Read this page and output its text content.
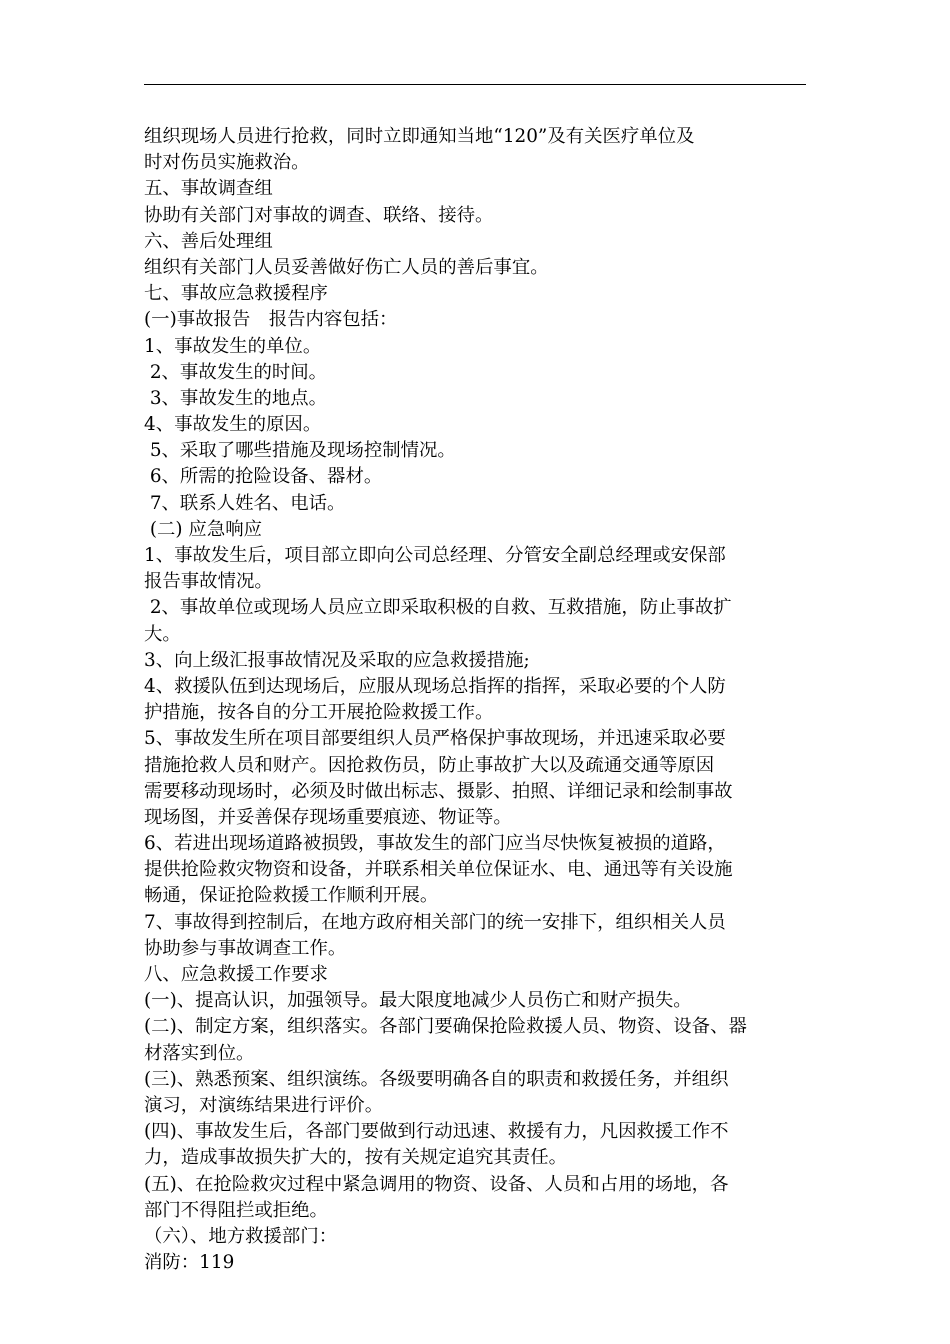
组织现场人员进行抢救，同时立即通知当地“120”及有关医疗单位及
时对伤员实施救治。
五、事故调查组
协助有关部门对事故的调查、联络、接待。
六、善后处理组
组织有关部门人员妥善做好伤亡人员的善后事宜。
七、事故应急救援程序
(一)事故报告　报告内容包括：
1、事故发生的单位。
2、事故发生的时间。
3、事故发生的地点。
4、事故发生的原因。
5、采取了哪些措施及现场控制情况。
6、所需的抢险设备、器材。
7、联系人姓名、电话。
(二) 应急响应
1、事故发生后，项目部立即向公司总经理、分管安全副总经理或安保部
报告事故情况。
2、事故单位或现场人员应立即采取积极的自救、互救措施，防止事故扩
大。
3、向上级汇报事故情况及采取的应急救援措施;
4、救援队伍到达现场后，应服从现场总指挥的指挥，采取必要的个人防
护措施，按各自的分工开展抢险救援工作。
5、事故发生所在项目部要组织人员严格保护事故现场，并迅速采取必要
措施抢救人员和财产。因抢救伤员，防止事故扩大以及疏通交通等原因
需要移动现场时，必须及时做出标志、摄影、拍照、详细记录和绘制事故
现场图，并妥善保存现场重要痕迹、物证等。
6、若进出现场道路被损毁，事故发生的部门应当尽快恢复被损的道路，
提供抢险救灾物资和设备，并联系相关单位保证水、电、通迅等有关设施
畅通，保证抢险救援工作顺利开展。
7、事故得到控制后，在地方政府相关部门的统一安排下，组织相关人员
协助参与事故调查工作。
八、应急救援工作要求
(一)、提高认识，加强领导。最大限度地减少人员伤亡和财产损失。
(二)、制定方案，组织落实。各部门要确保抢险救援人员、物资、设备、器
材落实到位。
(三)、熟悉预案、组织演练。各级要明确各自的职责和救援任务，并组织
演习，对演练结果进行评价。
(四)、事故发生后，各部门要做到行动迅速、救援有力，凡因救援工作不
力，造成事故损失扩大的，按有关规定追究其责任。
(五)、在抢险救灾过程中紧急调用的物资、设备、人员和占用的场地，各
部门不得阻拦或拒绝。
（六）、地方救援部门：
消防：119
